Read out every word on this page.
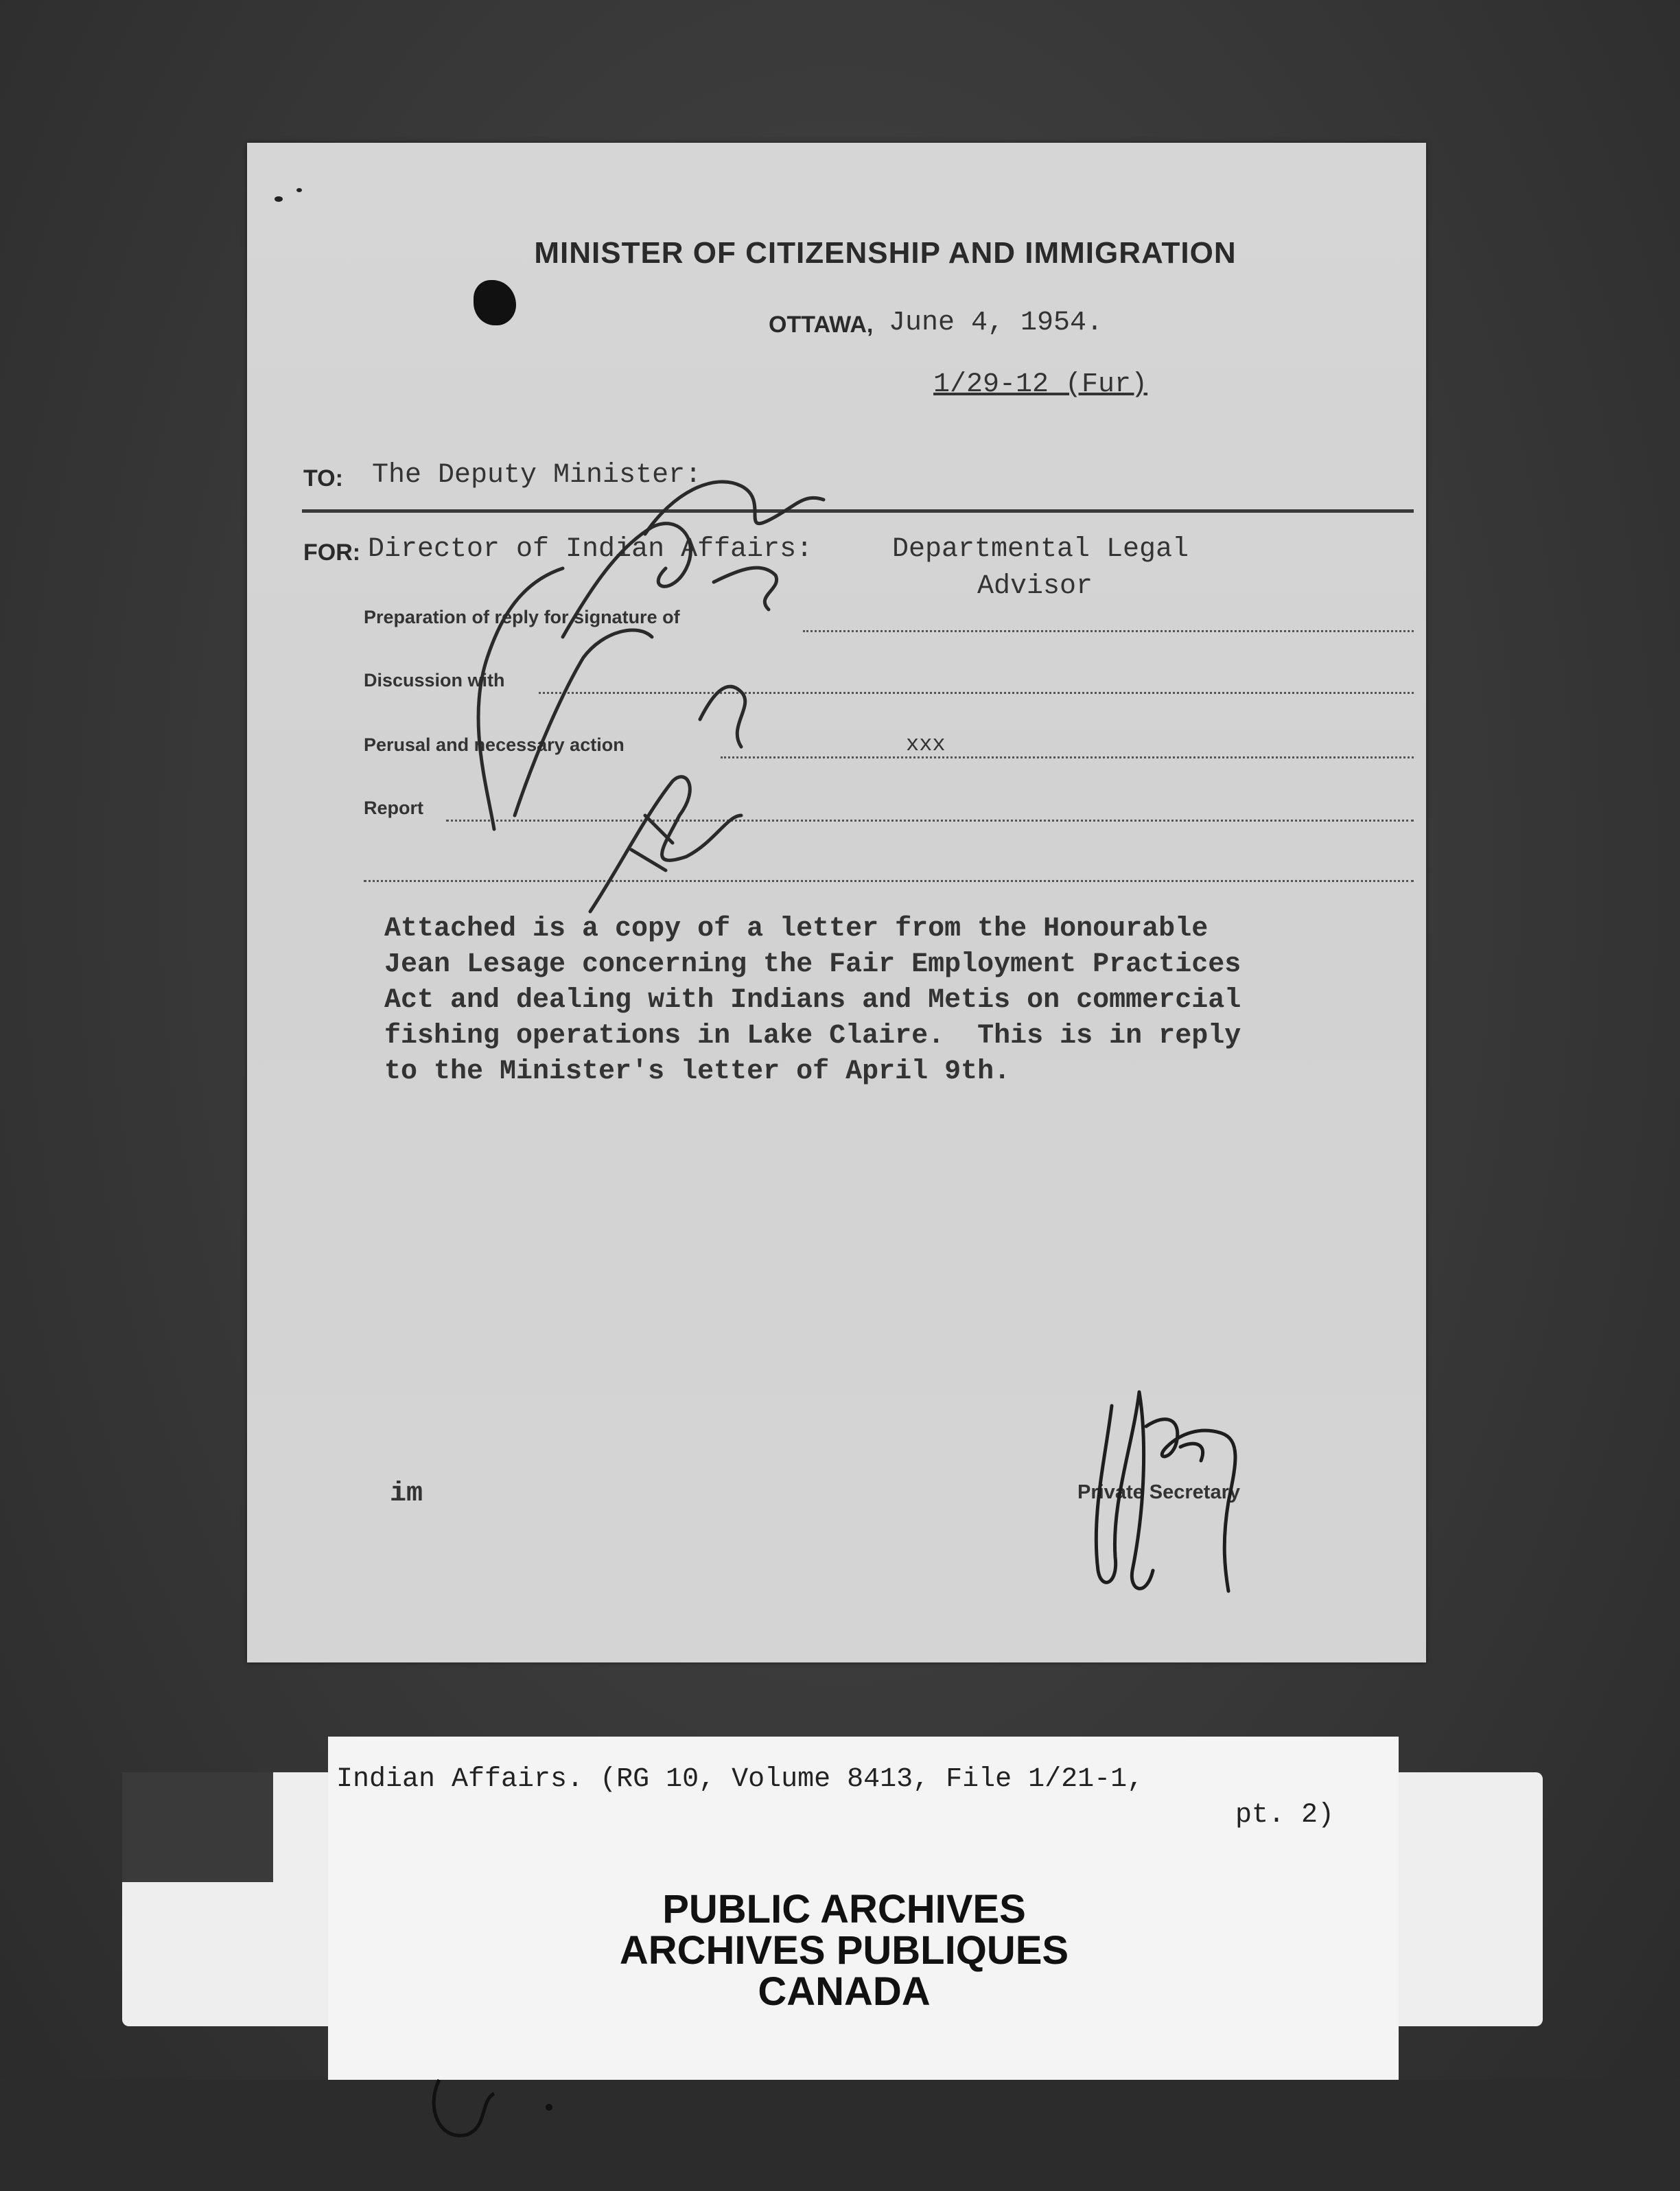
MINISTER OF CITIZENSHIP AND IMMIGRATION
OTTAWA, June 4, 1954.
1/29-12 (Fur)
TO: The Deputy Minister:
FOR: Director of Indian Affairs:	Departmental Legal
Advisor
Preparation of reply for signature of
Discussion with
Perusal and necessary action	xxx
Report
Attached is a copy of a letter from the Honourable
Jean Lesage concerning the Fair Employment Practices
Act and dealing with Indians and Metis on commercial
fishing operations in Lake Claire.  This is in reply
to the Minister's letter of April 9th.
im	Private Secretary
Indian Affairs. (RG 10, Volume 8413, File 1/21-1,
pt. 2)
PUBLIC ARCHIVES
ARCHIVES PUBLIQUES
CANADA
